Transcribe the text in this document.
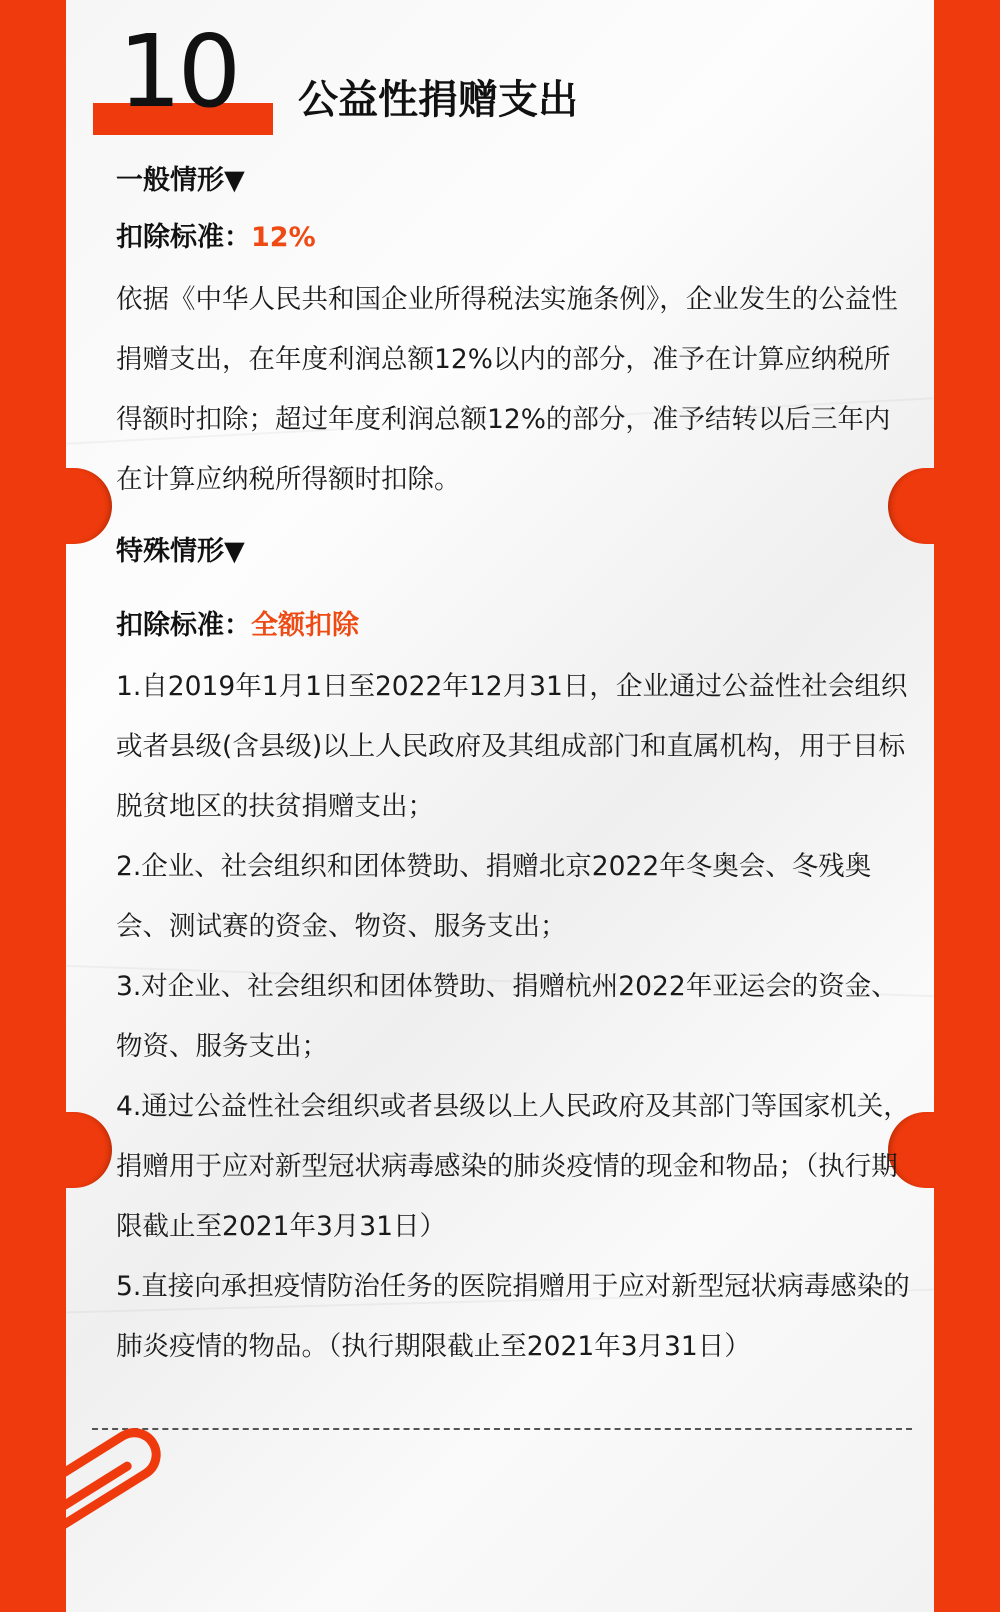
10 公益性捐赠支出
一般情形▼
扣除标准：12%

依据《中华人民共和国企业所得税法实施条例》，企业发生的公益性捐赠支出，在年度利润总额12%以内的部分，准予在计算应纳税所得额时扣除；超过年度利润总额12%的部分，准予结转以后三年内在计算应纳税所得额时扣除。

特殊情形▼
扣除标准：全额扣除

1.自2019年1月1日至2022年12月31日，企业通过公益性社会组织或者县级(含县级)以上人民政府及其组成部门和直属机构，用于目标脱贫地区的扶贫捐赠支出；

2.企业、社会组织和团体赞助、捐赠北京2022年冬奥会、冬残奥会、测试赛的资金、物资、服务支出；

3.对企业、社会组织和团体赞助、捐赠杭州2022年亚运会的资金、物资、服务支出；

4.通过公益性社会组织或者县级以上人民政府及其部门等国家机关，捐赠用于应对新型冠状病毒感染的肺炎疫情的现金和物品；（执行期限截止至2021年3月31日）

5.直接向承担疫情防治任务的医院捐赠用于应对新型冠状病毒感染的肺炎疫情的物品。（执行期限截止至2021年3月31日）
